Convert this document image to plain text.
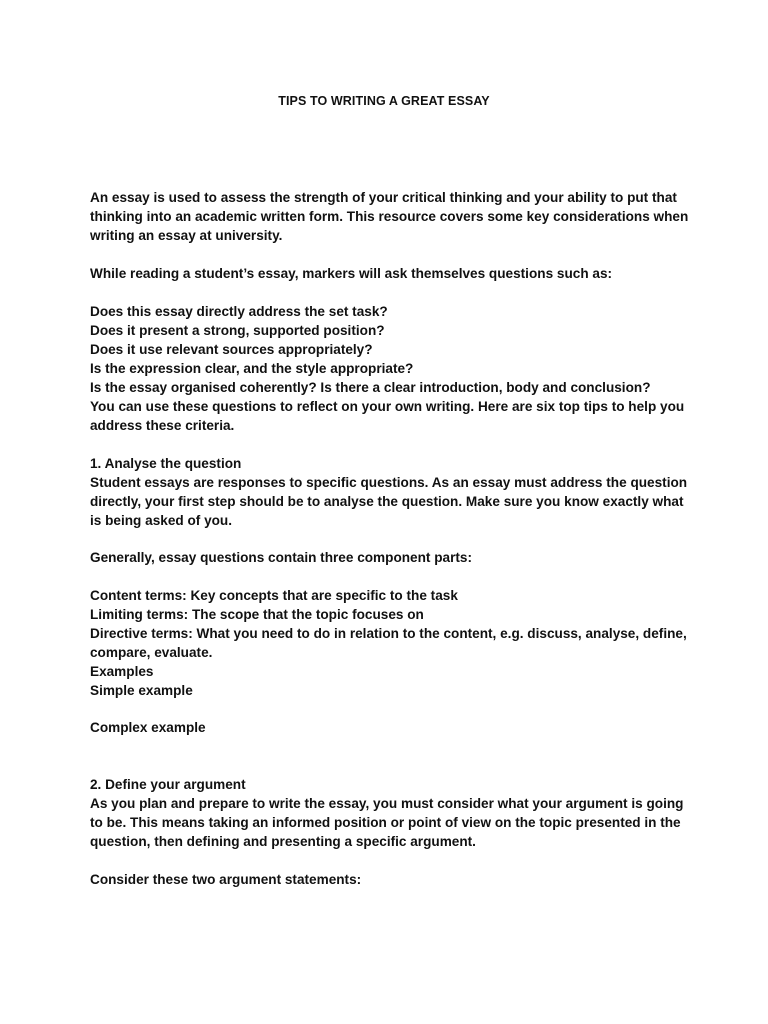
TIPS TO WRITING A GREAT ESSAY
An essay is used to assess the strength of your critical thinking and your ability to put that
thinking into an academic written form. This resource covers some key considerations when
writing an essay at university.
While reading a student’s essay, markers will ask themselves questions such as:
Does this essay directly address the set task?
Does it present a strong, supported position?
Does it use relevant sources appropriately?
Is the expression clear, and the style appropriate?
Is the essay organised coherently? Is there a clear introduction, body and conclusion?
You can use these questions to reflect on your own writing. Here are six top tips to help you
address these criteria.
1. Analyse the question
Student essays are responses to specific questions. As an essay must address the question
directly, your first step should be to analyse the question. Make sure you know exactly what
is being asked of you.
Generally, essay questions contain three component parts:
Content terms: Key concepts that are specific to the task
Limiting terms: The scope that the topic focuses on
Directive terms: What you need to do in relation to the content, e.g. discuss, analyse, define,
compare, evaluate.
Examples
Simple example
Complex example
2. Define your argument
As you plan and prepare to write the essay, you must consider what your argument is going
to be. This means taking an informed position or point of view on the topic presented in the
question, then defining and presenting a specific argument.
Consider these two argument statements:
